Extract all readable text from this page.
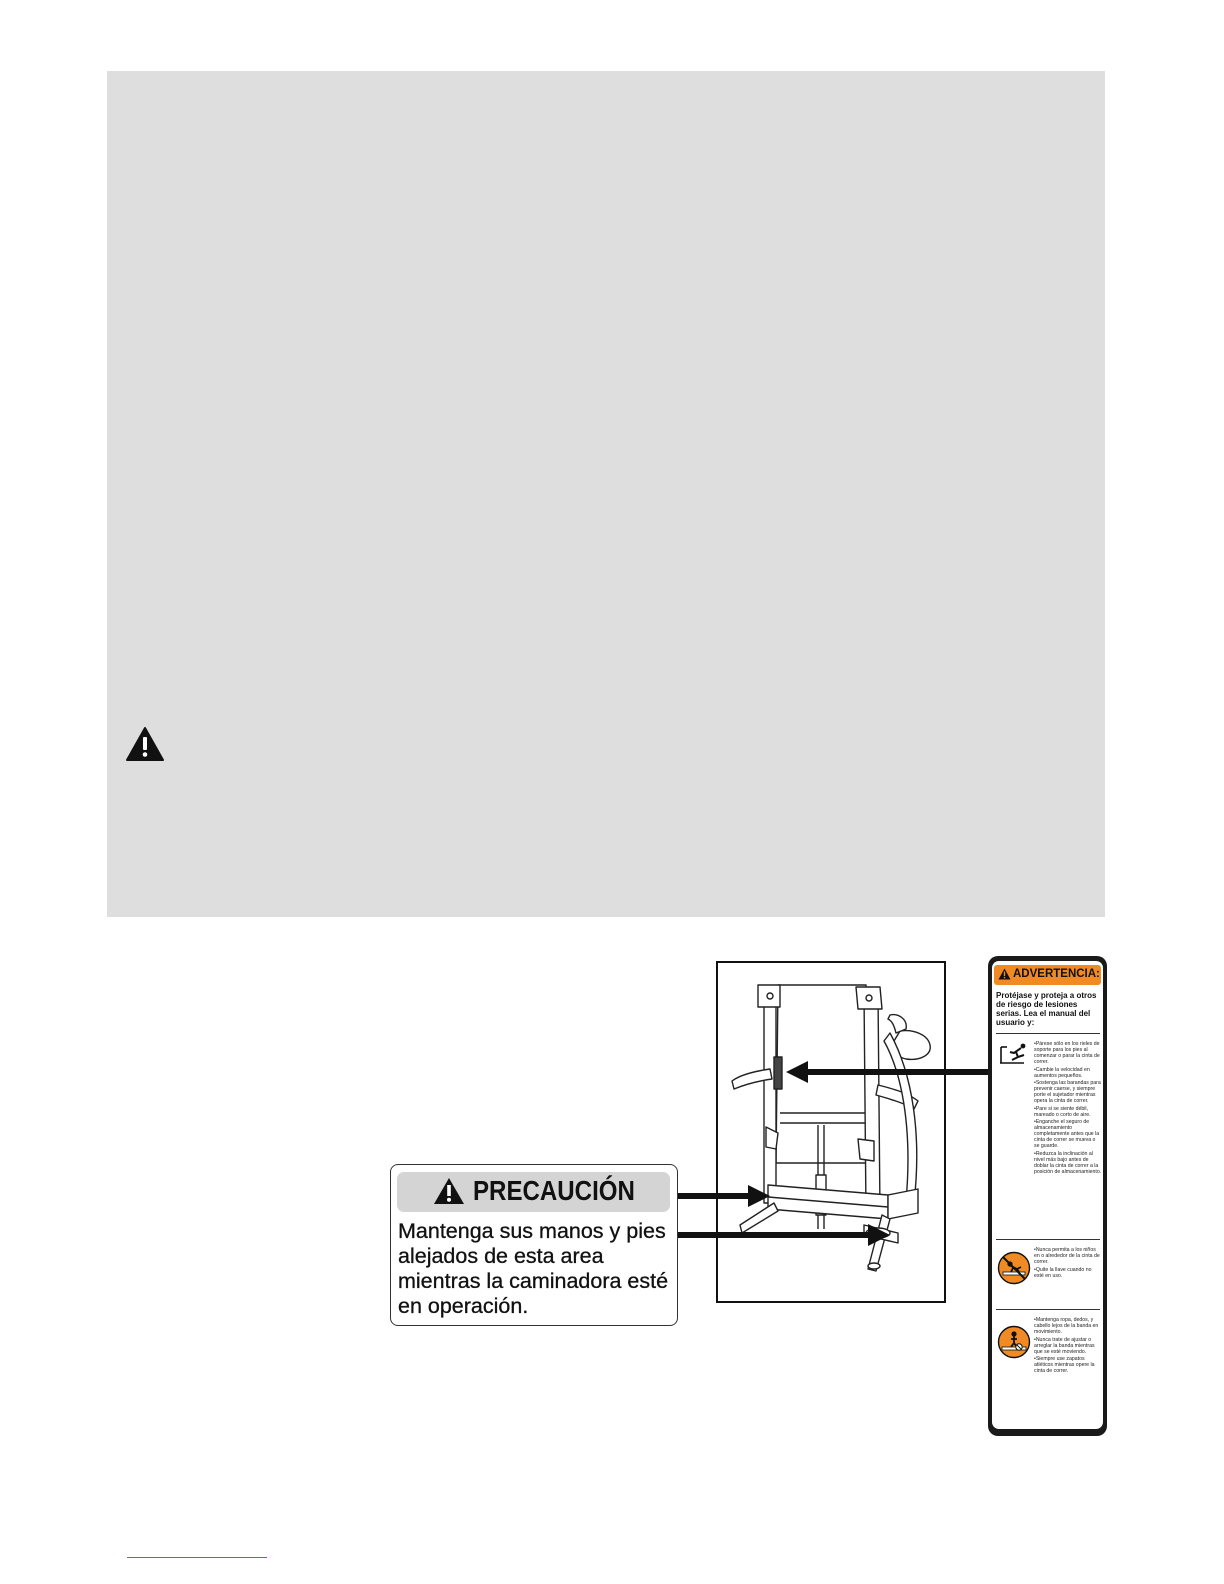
PRECAUCIÓN
Mantenga sus manos y pies
alejados de esta area
mientras la caminadora esté
en operación.
ADVERTENCIA:
Protéjase y proteja a otros de riesgo de lesiones serias. Lea el manual del usuario y:
•Párese sólo en los rieles de soporte para los pies al comenzar o parar la cinta de correr.
•Cambie la velocidad en aumentos pequeños.
•Sostenga las barandas para prevenir caerse, y siempre porte el sujetador mientras opera la cinta de correr.
•Pare si se siente débil, mareado o corto de aire.
•Enganche el seguro de almacenamiento completamente antes que la cinta de correr se mueva o se guarde.
•Reduzca la inclinación al nivel más bajo antes de doblar la cinta de correr a la posición de almacenamiento.
•Nunca permita a los niños en o alrededor de la cinta de correr.
•Quite la llave cuando no esté en uso.
•Mantenga ropa, dedos, y cabello lejos de la banda en movimiento.
•Nunca trate de ajustar o arreglar la banda mientras que se esté moviendo.
•Siempre use zapatos atléticos mientras opere la cinta de correr.
